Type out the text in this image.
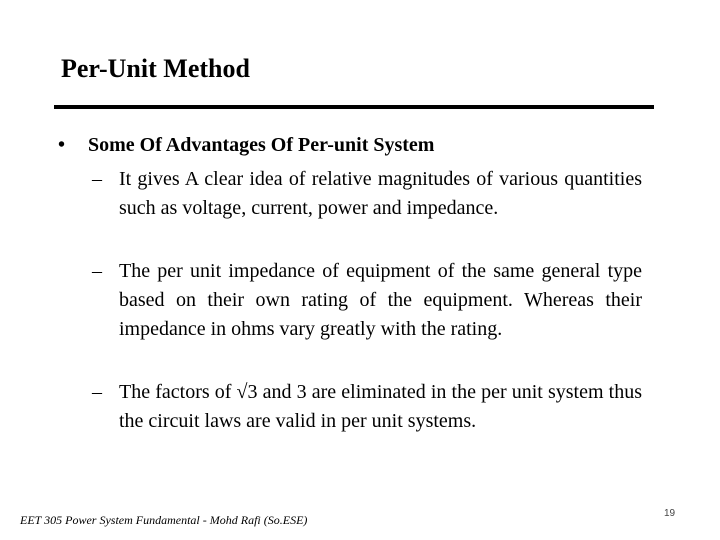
Per-Unit Method
• Some Of Advantages Of Per-unit System
– It gives A clear idea of relative magnitudes of various quantities such as voltage, current, power and impedance.
– The per unit impedance of equipment of the same general type based on their own rating of the equipment. Whereas their impedance in ohms vary greatly with the rating.
– The factors of √3 and 3 are eliminated in the per unit system thus the circuit laws are valid in per unit systems.
EET 305 Power System Fundamental - Mohd Rafi (So.ESE)	19
